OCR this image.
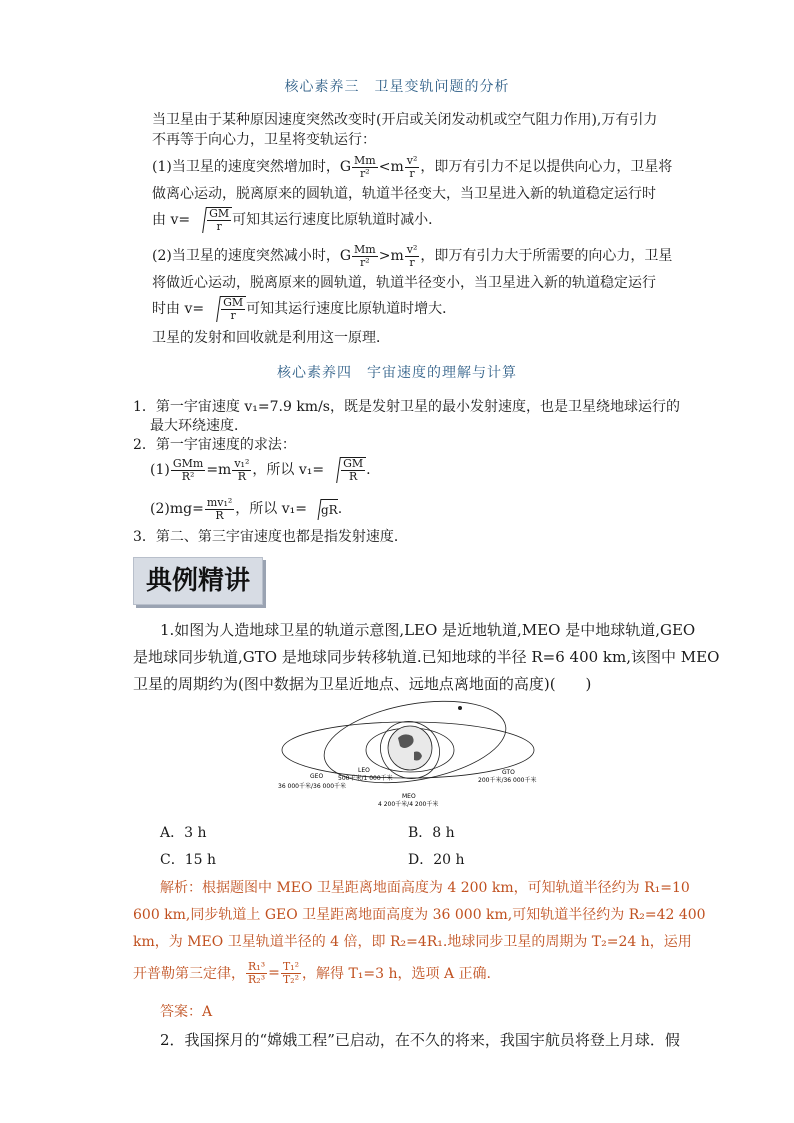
核心素养三　卫星变轨问题的分析
当卫星由于某种原因速度突然改变时(开启或关闭发动机或空气阻力作用),万有引力
不再等于向心力，卫星将变轨运行：
(1)当卫星的速度突然增加时，G $\frac{Mm}{\text{r²}} <m \frac{\text{v²}}{r}$ ，即万有引力不足以提供向心力，卫星将
做离心运动，脱离原来的圆轨道，轨道半径变大，当卫星进入新的轨道稳定运行时
由 $v= \frac{GM}{r}$ 可知其运行速度比原轨道时减小．
(2)当卫星的速度突然减小时，G $\frac{Mm}{\text{r²}} >m \frac{\text{v²}}{r}$ ，即万有引力大于所需要的向心力，卫星
将做近心运动，脱离原来的圆轨道，轨道半径变小，当卫星进入新的轨道稳定运行
时由 $v= \frac{GM}{r}$ 可知其运行速度比原轨道时增大．
卫星的发射和回收就是利用这一原理．
核心素养四　宇宙速度的理解与计算
1．第一宇宙速度 v₁=7.9 km/s，既是发射卫星的最小发射速度，也是卫星绕地球运行的
最大环绕速度．
2．第一宇宙速度的求法：
$(1) \frac{\text{GMm}}{\text{R²}} =m \frac{\text{v₁²}}{R}$ ，所以 $v_1= \frac{GM}{R}$ .
$(2)mg= \frac{\text{mv₁²}}{R}$ ，所以 v₁=	gR .
3．第二、第三宇宙速度也都是指发射速度．
典例精讲
1.如图为人造地球卫星的轨道示意图,LEO 是近地轨道,MEO 是中地球轨道,GEO
是地球同步轨道,GTO 是地球同步转移轨道.已知地球的半径 R=6 400 km,该图中 MEO
卫星的周期约为(图中数据为卫星近地点、远地点离地面的高度)(　　)
GEO
36 000千米/36 000千米
LEO
500千米/1 000千米
MEO
4 200千米/4 200千米
GTO
200千米/36 000千米
A．3 h	B．8 h
C．15 h	D．20 h
解析：根据题图中 MEO 卫星距离地面高度为 4 200 km，可知轨道半径约为 R₁=10
600 km,同步轨道上 GEO 卫星距离地面高度为 36 000 km,可知轨道半径约为 R₂=42 400
km，为 MEO 卫星轨道半径的 4 倍，即 R₂=4R₁.地球同步卫星的周期为 T₂=24 h，运用
开普勒第三定律， $\frac{\text{R₁³}}{\text{R₂³}} = \frac{\text{T₁²}}{\text{T₂²}}$ ，解得 T₁=3 h，选项 A 正确.
答案：A
2．我国探月的“嫦娥工程”已启动，在不久的将来，我国宇航员将登上月球．假
